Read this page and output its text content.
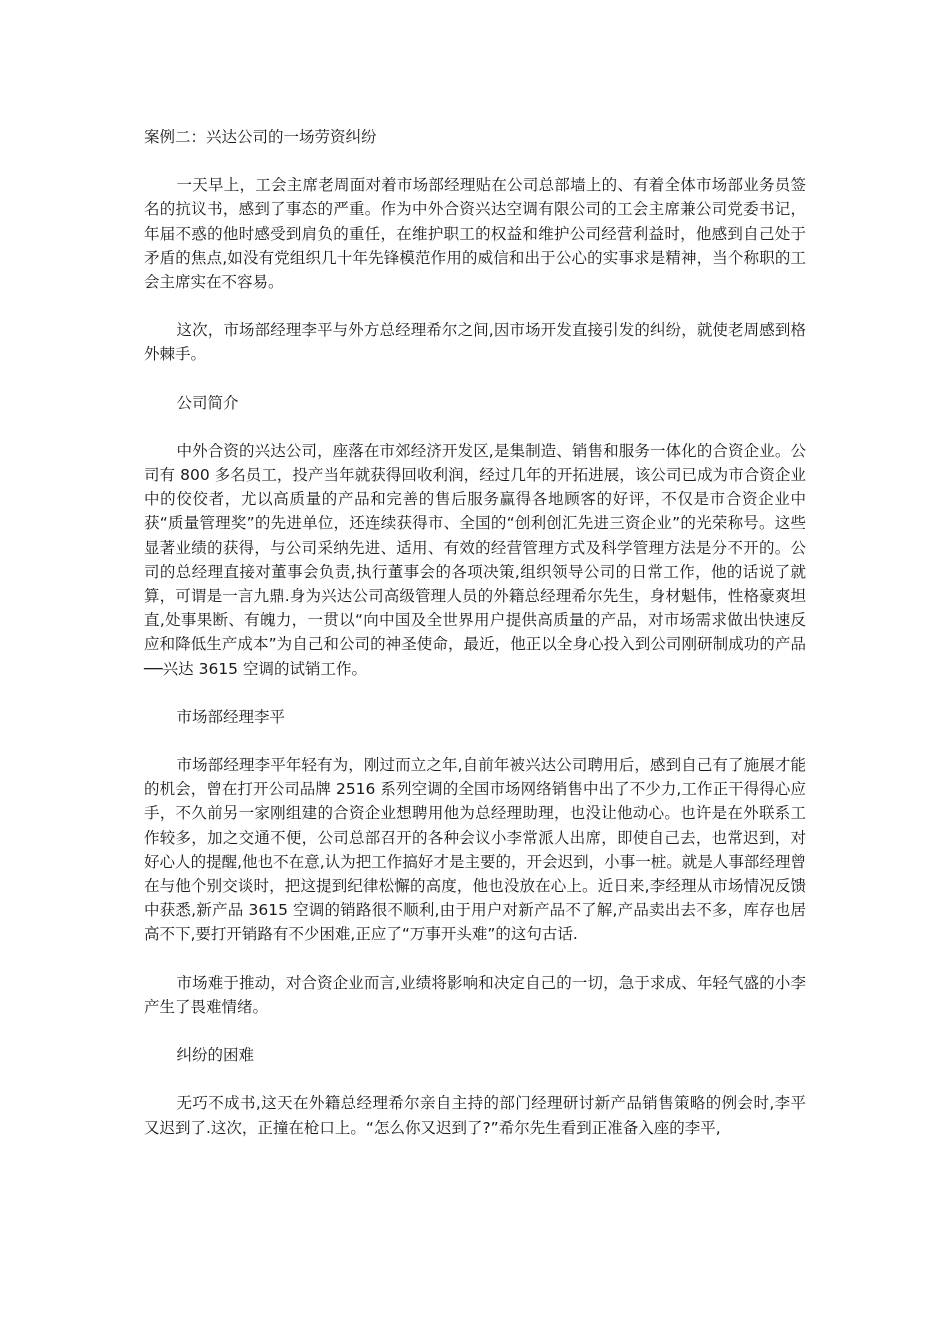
案例二：兴达公司的一场劳资纠纷

一天早上，工会主席老周面对着市场部经理贴在公司总部墙上的、有着全体市场部业务员签名的抗议书，感到了事态的严重。作为中外合资兴达空调有限公司的工会主席兼公司党委书记，年届不惑的他时感受到肩负的重任，在维护职工的权益和维护公司经营利益时，他感到自己处于矛盾的焦点,如没有党组织几十年先锋模范作用的威信和出于公心的实事求是精神，当个称职的工会主席实在不容易。

这次，市场部经理李平与外方总经理希尔之间,因市场开发直接引发的纠纷，就使老周感到格外棘手。

公司简介

中外合资的兴达公司，座落在市郊经济开发区,是集制造、销售和服务一体化的合资企业。公司有 800 多名员工，投产当年就获得回收利润，经过几年的开拓进展，该公司已成为市合资企业中的佼佼者，尤以高质量的产品和完善的售后服务赢得各地顾客的好评，不仅是市合资企业中获“质量管理奖”的先进单位，还连续获得市、全国的“创利创汇先进三资企业”的光荣称号。这些显著业绩的获得，与公司采纳先进、适用、有效的经营管理方式及科学管理方法是分不开的。公司的总经理直接对董事会负责,执行董事会的各项决策,组织领导公司的日常工作，他的话说了就算，可谓是一言九鼎.身为兴达公司高级管理人员的外籍总经理希尔先生，身材魁伟，性格豪爽坦直,处事果断、有魄力，一贯以“向中国及全世界用户提供高质量的产品，对市场需求做出快速反应和降低生产成本”为自己和公司的神圣使命，最近，他正以全身心投入到公司刚研制成功的产品──兴达 3615 空调的试销工作。

市场部经理李平

市场部经理李平年轻有为，刚过而立之年,自前年被兴达公司聘用后，感到自己有了施展才能的机会，曾在打开公司品牌 2516 系列空调的全国市场网络销售中出了不少力,工作正干得得心应手，不久前另一家刚组建的合资企业想聘用他为总经理助理，也没让他动心。也许是在外联系工作较多，加之交通不便，公司总部召开的各种会议小李常派人出席，即使自己去，也常迟到，对好心人的提醒,他也不在意,认为把工作搞好才是主要的，开会迟到，小事一桩。就是人事部经理曾在与他个别交谈时，把这提到纪律松懈的高度，他也没放在心上。近日来,李经理从市场情况反馈中获悉,新产品 3615 空调的销路很不顺利,由于用户对新产品不了解,产品卖出去不多，库存也居高不下,要打开销路有不少困难,正应了“万事开头难”的这句古话.

市场难于推动，对合资企业而言,业绩将影响和决定自己的一切，急于求成、年轻气盛的小李产生了畏难情绪。

纠纷的困难

无巧不成书,这天在外籍总经理希尔亲自主持的部门经理研讨新产品销售策略的例会时,李平又迟到了.这次，正撞在枪口上。“怎么你又迟到了?”希尔先生看到正准备入座的李平,
